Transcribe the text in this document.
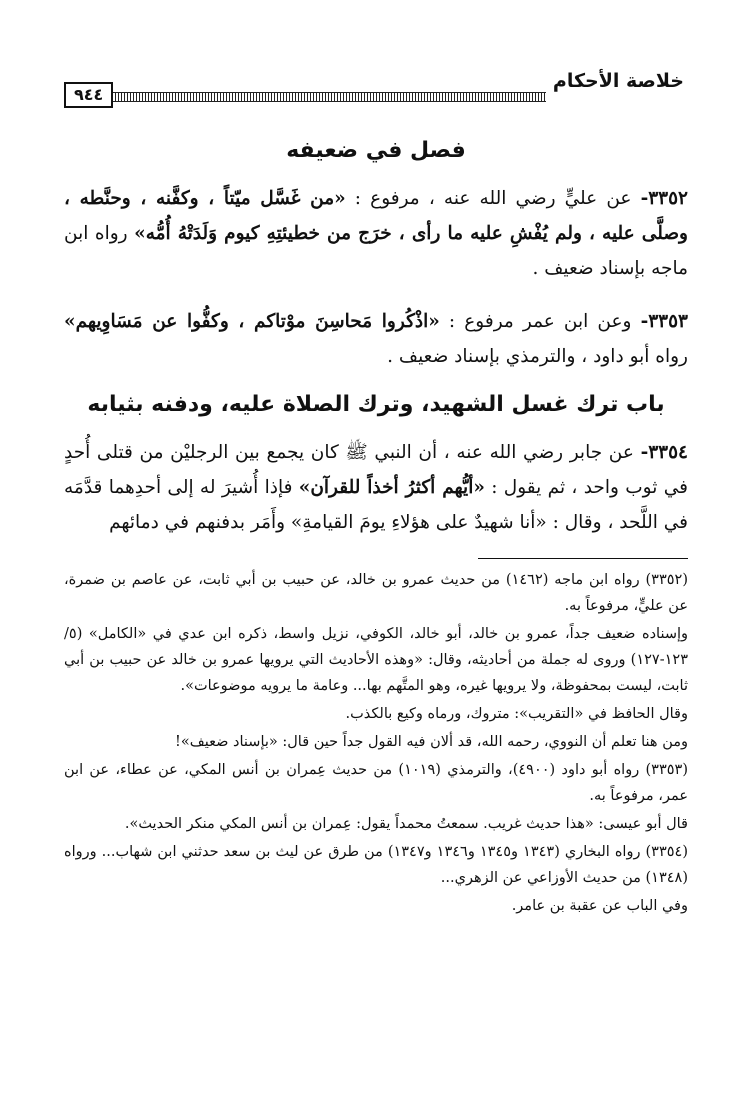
خلاصة الأحكام
٩٤٤
فصل في ضعيفه

٣٣٥٢- عن عليٍّ رضي الله عنه ، مرفوع : «من غَسَّل ميّتاً ، وكفَّنه ، وحنَّطه ، وصلَّى عليه ، ولم يُفْشِ عليه ما رأى ، خرَج من خطيئتِهِ كيوم وَلَدَتْهُ أُمُّه» رواه ابن ماجه بإسناد ضعيف .

٣٣٥٣- وعن ابن عمر مرفوع : «اذْكُروا مَحاسِنَ موْتاكم ، وكفُّوا عن مَسَاوِيهم» رواه أبو داود ، والترمذي بإسناد ضعيف .

باب ترك غسل الشهيد، وترك الصلاة عليه، ودفنه بثيابه

٣٣٥٤- عن جابر رضي الله عنه ، أن النبي ﷺ كان يجمع بين الرجليْن من قتلى أُحدٍ في ثوب واحد ، ثم يقول : «أيُّهم أكثرُ أخذاً للقرآن» فإذا أُشيرَ له إلى أحدِهما قدَّمَه في اللَّحد ، وقال : «أنا شهيدٌ على هؤلاءِ يومَ القيامةِ» وأَمَر بدفنهم في دمائهم

(٣٣٥٢) رواه ابن ماجه (١٤٦٢) من حديث عمرو بن خالد، عن حبيب بن أبي ثابت، عن عاصم بن ضمرة، عن عليٍّ، مرفوعاً به.

وإسناده ضعيف جداً، عمرو بن خالد، أبو خالد، الكوفي، نزيل واسط، ذكره ابن عدي في «الكامل» (٥/ ١٢٣-١٢٧) وروى له جملة من أحاديثه، وقال: «وهذه الأحاديث التي يرويها عمرو بن خالد عن حبيب بن أبي ثابت، ليست بمحفوظة، ولا يرويها غيره، وهو المتَّهم بها... وعامة ما يرويه موضوعات».

وقال الحافظ في «التقريب»: متروك، ورماه وكيع بالكذب.

ومن هنا تعلم أن النووي، رحمه الله، قد ألان فيه القول جداً حين قال: «بإسناد ضعيف»!

(٣٣٥٣) رواه أبو داود (٤٩٠٠)، والترمذي (١٠١٩) من حديث عِمران بن أنس المكي، عن عطاء، عن ابن عمر، مرفوعاً به.

قال أبو عيسى: «هذا حديث غريب. سمعتُ محمداً يقول: عِمران بن أنس المكي منكر الحديث».

(٣٣٥٤) رواه البخاري (١٣٤٣ و١٣٤٥ و١٣٤٦ و١٣٤٧) من طرق عن ليث بن سعد حدثني ابن شهاب... ورواه (١٣٤٨) من حديث الأوزاعي عن الزهري...

وفي الباب عن عقبة بن عامر.
